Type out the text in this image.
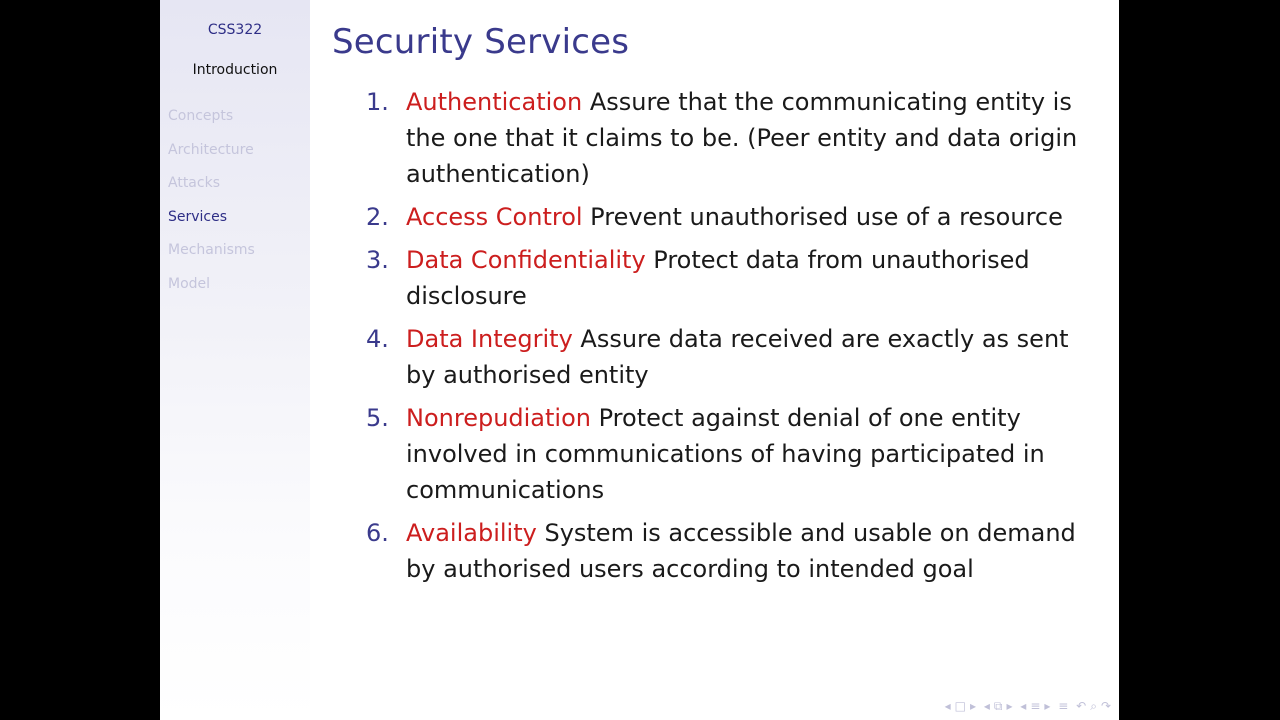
CSS322
Introduction
Concepts
Architecture
Attacks
Services
Mechanisms
Model
Security Services
1. Authentication Assure that the communicating entity is the one that it claims to be. (Peer entity and data origin authentication)
2. Access Control Prevent unauthorised use of a resource
3. Data Confidentiality Protect data from unauthorised disclosure
4. Data Integrity Assure data received are exactly as sent by authorised entity
5. Nonrepudiation Protect against denial of one entity involved in communications of having participated in communications
6. Availability System is accessible and usable on demand by authorised users according to intended goal
◂ □ ▸ ◂ ⧉ ▸ ◂ ≡ ▸ ≡ ↶ ⌕ ↷
